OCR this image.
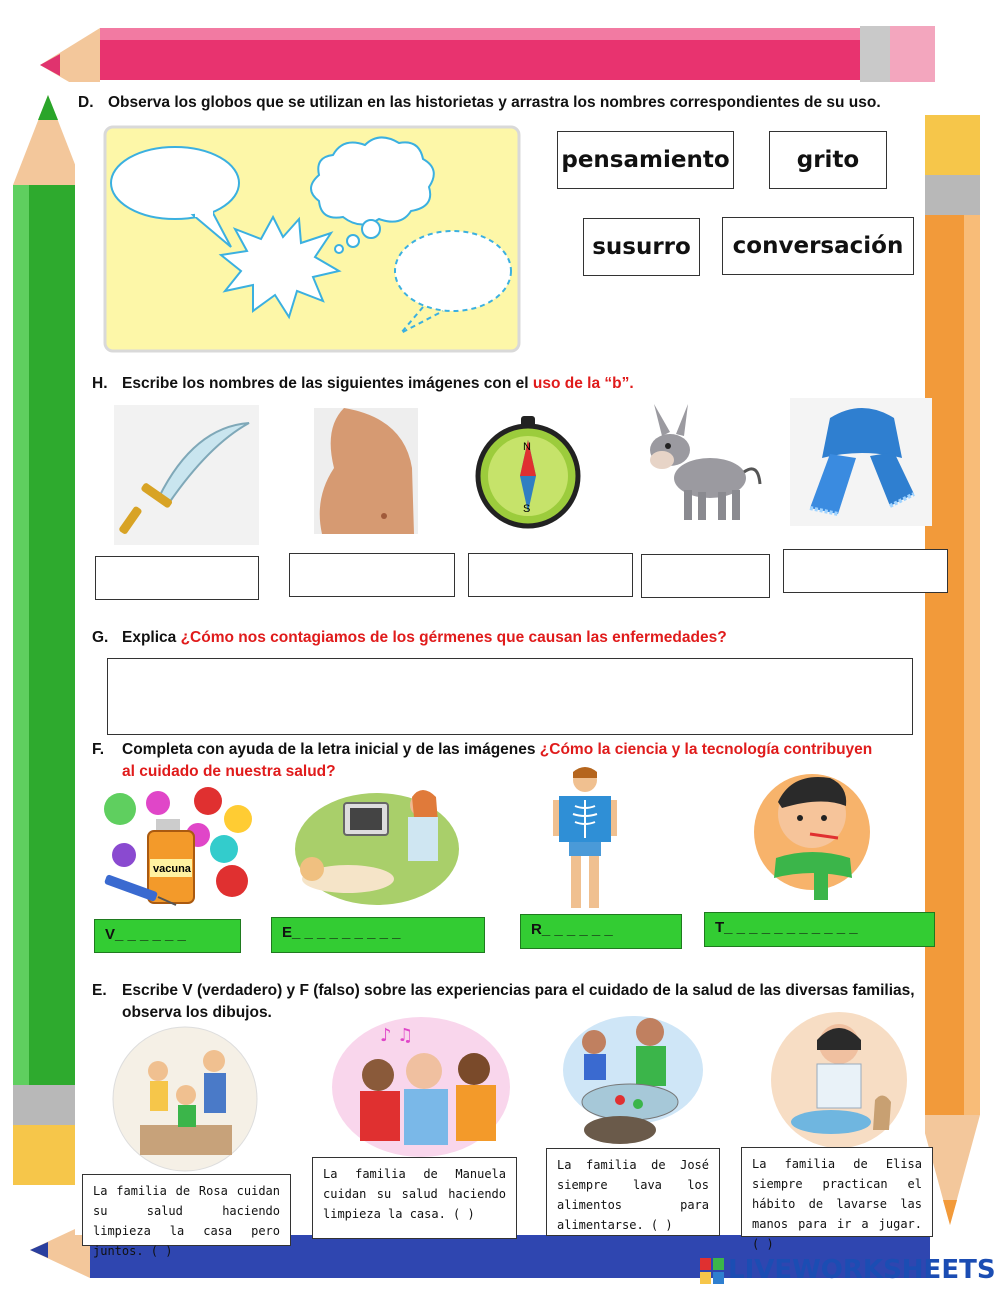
D. Observa los globos que se utilizan en las historietas y arrastra los nombres correspondientes de su uso.
pensamiento	grito
susurro	conversación
H. Escribe los nombres de las siguientes imágenes con el uso de la “b”.
N
S
G. Explica ¿Cómo nos contagiamos de los gérmenes que causan las enfermedades?
F. Completa con ayuda de la letra inicial y de las imágenes ¿Cómo la ciencia y la tecnología contribuyen
al cuidado de nuestra salud?
vacuna
V_ _ _ _ _ _	E_ _ _ _ _ _ _ _ _	R_ _ _ _ _ _	T_ _ _ _ _ _ _ _ _ _ _
E. Escribe V (verdadero) y F (falso) sobre las experiencias para el cuidado de la salud de las diversas familias,
observa los dibujos.
♪ ♫
La familia de Rosa cuidan su salud haciendo limpieza la casa pero juntos. ( )
La familia de Manuela cuidan su salud haciendo limpieza la casa. ( )
La familia de José siempre lava los alimentos para alimentarse. ( )
La familia de Elisa siempre practican el hábito de lavarse las manos para ir a jugar. ( )
LIVEWORKSHEETS
